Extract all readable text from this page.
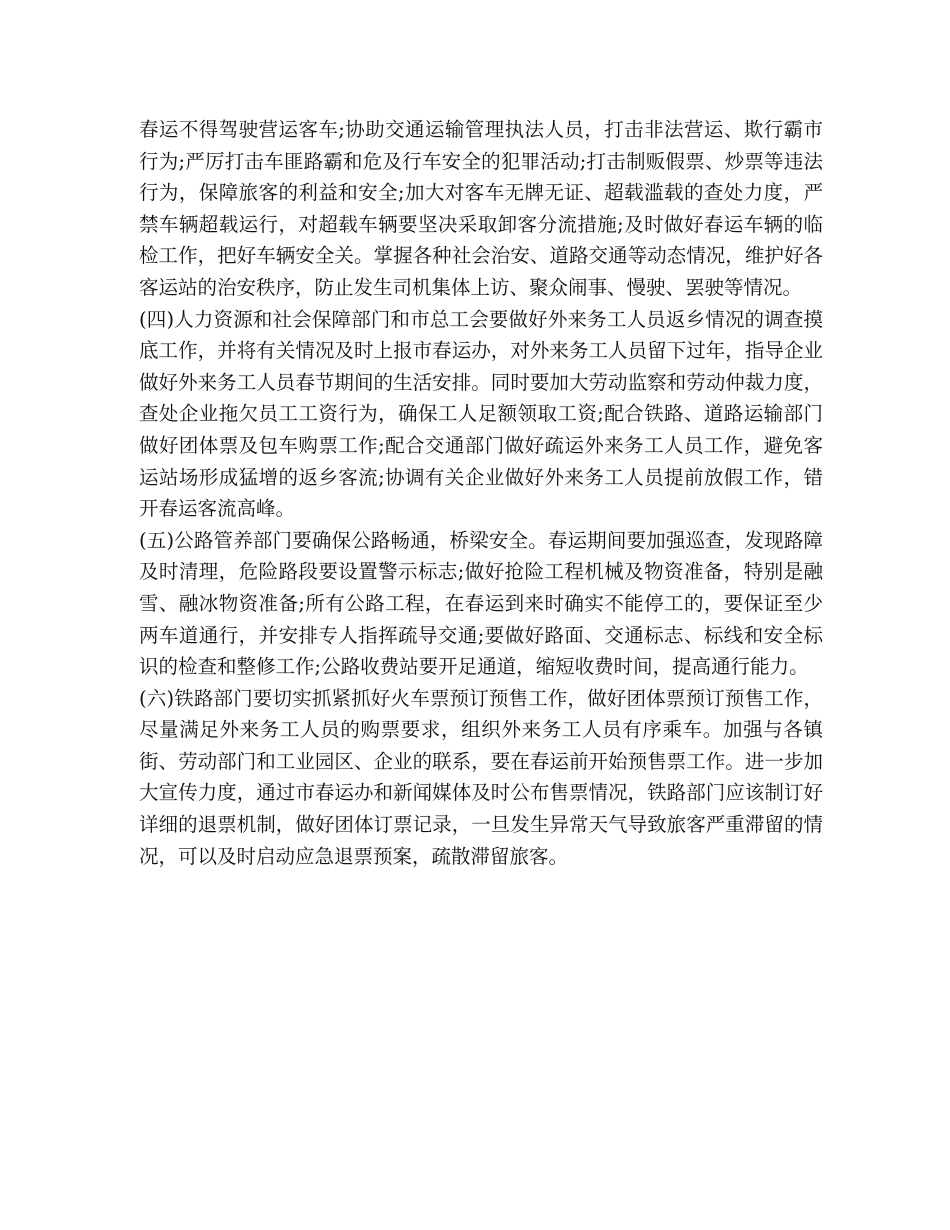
春运不得驾驶营运客车;协助交通运输管理执法人员，打击非法营运、欺行霸市行为;严厉打击车匪路霸和危及行车安全的犯罪活动;打击制贩假票、炒票等违法行为，保障旅客的利益和安全;加大对客车无牌无证、超载滥载的查处力度，严禁车辆超载运行，对超载车辆要坚决采取卸客分流措施;及时做好春运车辆的临检工作，把好车辆安全关。掌握各种社会治安、道路交通等动态情况，维护好各客运站的治安秩序，防止发生司机集体上访、聚众闹事、慢驶、罢驶等情况。

(四)人力资源和社会保障部门和市总工会要做好外来务工人员返乡情况的调查摸底工作，并将有关情况及时上报市春运办，对外来务工人员留下过年，指导企业做好外来务工人员春节期间的生活安排。同时要加大劳动监察和劳动仲裁力度，查处企业拖欠员工工资行为，确保工人足额领取工资;配合铁路、道路运输部门做好团体票及包车购票工作;配合交通部门做好疏运外来务工人员工作，避免客运站场形成猛增的返乡客流;协调有关企业做好外来务工人员提前放假工作，错开春运客流高峰。

(五)公路管养部门要确保公路畅通，桥梁安全。春运期间要加强巡查，发现路障及时清理，危险路段要设置警示标志;做好抢险工程机械及物资准备，特别是融雪、融冰物资准备;所有公路工程，在春运到来时确实不能停工的，要保证至少两车道通行，并安排专人指挥疏导交通;要做好路面、交通标志、标线和安全标识的检查和整修工作;公路收费站要开足通道，缩短收费时间，提高通行能力。

(六)铁路部门要切实抓紧抓好火车票预订预售工作，做好团体票预订预售工作，尽量满足外来务工人员的购票要求，组织外来务工人员有序乘车。加强与各镇街、劳动部门和工业园区、企业的联系，要在春运前开始预售票工作。进一步加大宣传力度，通过市春运办和新闻媒体及时公布售票情况，铁路部门应该制订好详细的退票机制，做好团体订票记录，一旦发生异常天气导致旅客严重滞留的情况，可以及时启动应急退票预案，疏散滞留旅客。
